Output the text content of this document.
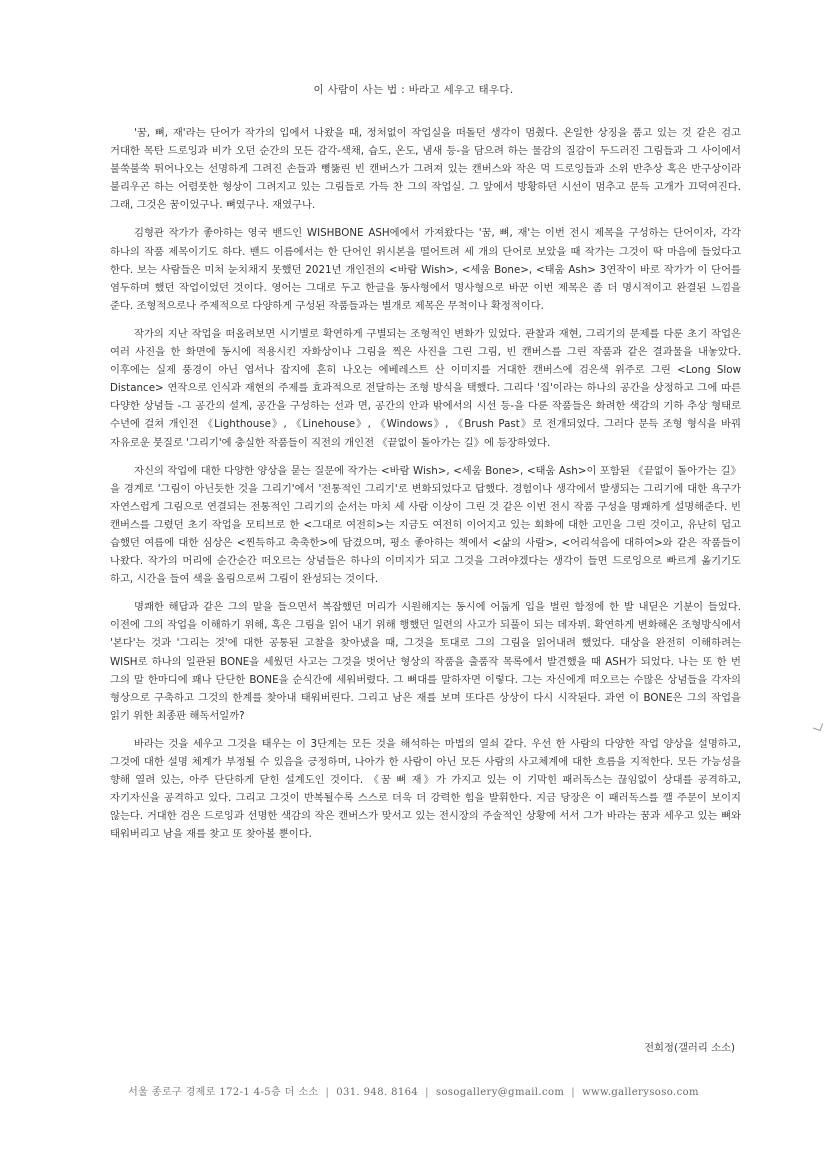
이 사람이 사는 법 : 바라고 세우고 태우다.

'꿈, 뼈, 재'라는 단어가 작가의 입에서 나왔을 때, 정처없이 작업실을 떠돌던 생각이 멈췄다. 온일한 상징을 품고 있는 것 같은 검고 거대한 목탄 드로잉과 비가 오던 순간의 모든 감각-색채, 습도, 온도, 냄새 등-을 담으려 하는 물감의 질감이 두드러진 그림들과 그 사이에서 불쑥불쑥 튀어나오는 선명하게 그려진 손들과 뼝뚫린 빈 캔버스가 그려져 있는 캔버스와 작은 먹 드로잉들과 소위 반추상 혹은 반구상이라 불리우곤 하는 어렴풋한 형상이 그려지고 있는 그림들로 가득 찬 그의 작업실. 그 앞에서 방황하던 시선이 멈추고 문득 고개가 끄덕여진다. 그래, 그것은 꿈이었구나. 뼈였구나. 재였구나.

김형관 작가가 좋아하는 영국 밴드인 WISHBONE ASH에에서 가져왔다는 '꿈, 뼈, 재'는 이번 전시 제목을 구성하는 단어이자, 각각 하나의 작품 제목이기도 하다. 밴드 이름에서는 한 단어인 위시본을 떨어트려 세 개의 단어로 보았을 때 작가는 그것이 딱 마음에 들었다고 한다. 보는 사람들은 미처 눈치채지 못했던 2021년 개인전의 <바람 Wish>, <세움 Bone>, <태움 Ash> 3연작이 바로 작가가 이 단어를 염두하며 했던 작업이었던 것이다. 영어는 그대로 두고 한글을 동사형에서 명사형으로 바꾼 이번 제목은 좀 더 명시적이고 완결된 느낌을 준다. 조형적으로나 주제적으로 다양하게 구성된 작품들과는 별개로 제목은 무척이나 확정적이다.

작가의 지난 작업을 떠올려보면 시기별로 확연하게 구별되는 조형적인 변화가 있었다. 관찰과 재현, 그리기의 문제를 다룬 초기 작업은 여러 사진을 한 화면에 동시에 적용시킨 자화상이나 그림을 찍은 사진을 그린 그림, 빈 캔버스를 그린 작품과 같은 결과물을 내놓았다. 이후에는 실제 풍경이 아닌 엽서나 잡지에 흔히 나오는 에베레스트 산 이미지를 거대한 캔버스에 검은색 위주로 그린 <Long Slow Distance> 연작으로 인식과 재현의 주제를 효과적으로 전달하는 조형 방식을 택했다. 그리다 '집'이라는 하나의 공간을 상정하고 그에 따른 다양한 상념들 -그 공간의 설계, 공간을 구성하는 선과 면, 공간의 안과 밖에서의 시선 등-을 다룬 작품들은 화려한 색감의 기하 추상 형태로 수년에 걸쳐 개인전 《Lighthouse》, 《Linehouse》, 《Windows》, 《Brush Past》로 전개되었다. 그러다 문득 조형 형식을 바꿔 자유로운 붓질로 '그리기'에 충실한 작품들이 직전의 개인전 《끝없이 돌아가는 길》에 등장하였다.

자신의 작업에 대한 다양한 양상을 묻는 질문에 작가는 <바람 Wish>, <세움 Bone>, <태움 Ash>이 포함된 《끝없이 돌아가는 길》을 경계로 '그림이 아닌듯한 것을 그리기'에서 '전통적인 그리기'로 변화되었다고 답했다. 경험이나 생각에서 발생되는 그리기에 대한 욕구가 자연스럽게 그림으로 연결되는 전통적인 그리기의 순서는 마치 세 사람 이상이 그린 것 같은 이번 전시 작품 구성을 명쾌하게 설명해준다. 빈 캔버스를 그렸던 초기 작업을 모티브로 한 <그대로 여전히>는 지금도 여전히 이어지고 있는 회화에 대한 고민을 그린 것이고, 유난히 덥고 습했던 여름에 대한 심상은 <찐득하고 축축한>에 담겼으며, 평소 좋아하는 책에서 <삶의 사람>, <어리석음에 대하여>와 같은 작품들이 나왔다. 작가의 머리에 순간순간 떠오르는 상념들은 하나의 이미지가 되고 그것을 그려야겠다는 생각이 들면 드로잉으로 빠르게 옮기기도 하고, 시간을 들여 색을 올림으로써 그림이 완성되는 것이다.

명쾌한 해답과 같은 그의 말을 들으면서 복잡했던 머리가 시원해지는 동시에 어둡게 입을 벌린 함정에 한 발 내딛은 기분이 들었다. 이전에 그의 작업을 이해하기 위해, 혹은 그림을 읽어 내기 위해 행했던 일련의 사고가 되풀이 되는 데자뷔. 확연하게 변화해온 조형방식에서 '본다'는 것과 '그리는 것'에 대한 공통된 고찰을 찾아냈을 때, 그것을 토대로 그의 그림을 읽어내려 했었다. 대상을 완전히 이해하려는 WISH로 하나의 일관된 BONE을 세웠던 사고는 그것을 벗어난 형상의 작품을 출품작 목록에서 발견했을 때 ASH가 되었다. 나는 또 한 번 그의 말 한마디에 꽤나 단단한 BONE을 순식간에 세워버렸다. 그 뼈대를 말하자면 이렇다. 그는 자신에게 떠오르는 수많은 상념들을 각자의 형상으로 구축하고 그것의 한계를 찾아내 태워버린다. 그리고 남은 재를 보며 또다른 상상이 다시 시작된다. 과연 이 BONE은 그의 작업을 읽기 위한 최종판 해독서일까?

바라는 것을 세우고 그것을 태우는 이 3단계는 모든 것을 해석하는 마법의 열쇠 같다. 우선 한 사람의 다양한 작업 양상을 설명하고, 그것에 대한 설명 체계가 부정될 수 있음을 긍정하며, 나아가 한 사람이 아닌 모든 사람의 사고체계에 대한 흐름을 지적한다. 모든 가능성을 향해 열려 있는, 아주 단단하게 닫힌 설계도인 것이다. 《꿈 뼈 재》가 가지고 있는 이 기막힌 패러독스는 끊임없이 상대를 공격하고, 자기자신을 공격하고 있다. 그리고 그것이 반복될수록 스스로 더욱 더 강력한 힘을 발휘한다. 지금 당장은 이 패러독스를 깰 주문이 보이지 않는다. 거대한 검은 드로잉과 선명한 색감의 작은 캔버스가 맞서고 있는 전시장의 주술적인 상황에 서서 그가 바라는 꿈과 세우고 있는 뼈와 태워버리고 남을 재를 찾고 또 찾아볼 뿐이다.

전희정(갤러리 소소)
서울 종로구 경제로 172-1 4-5층 더 소소 | 031. 948. 8164 | sosogallery@gmail.com | www.gallerysoso.com
